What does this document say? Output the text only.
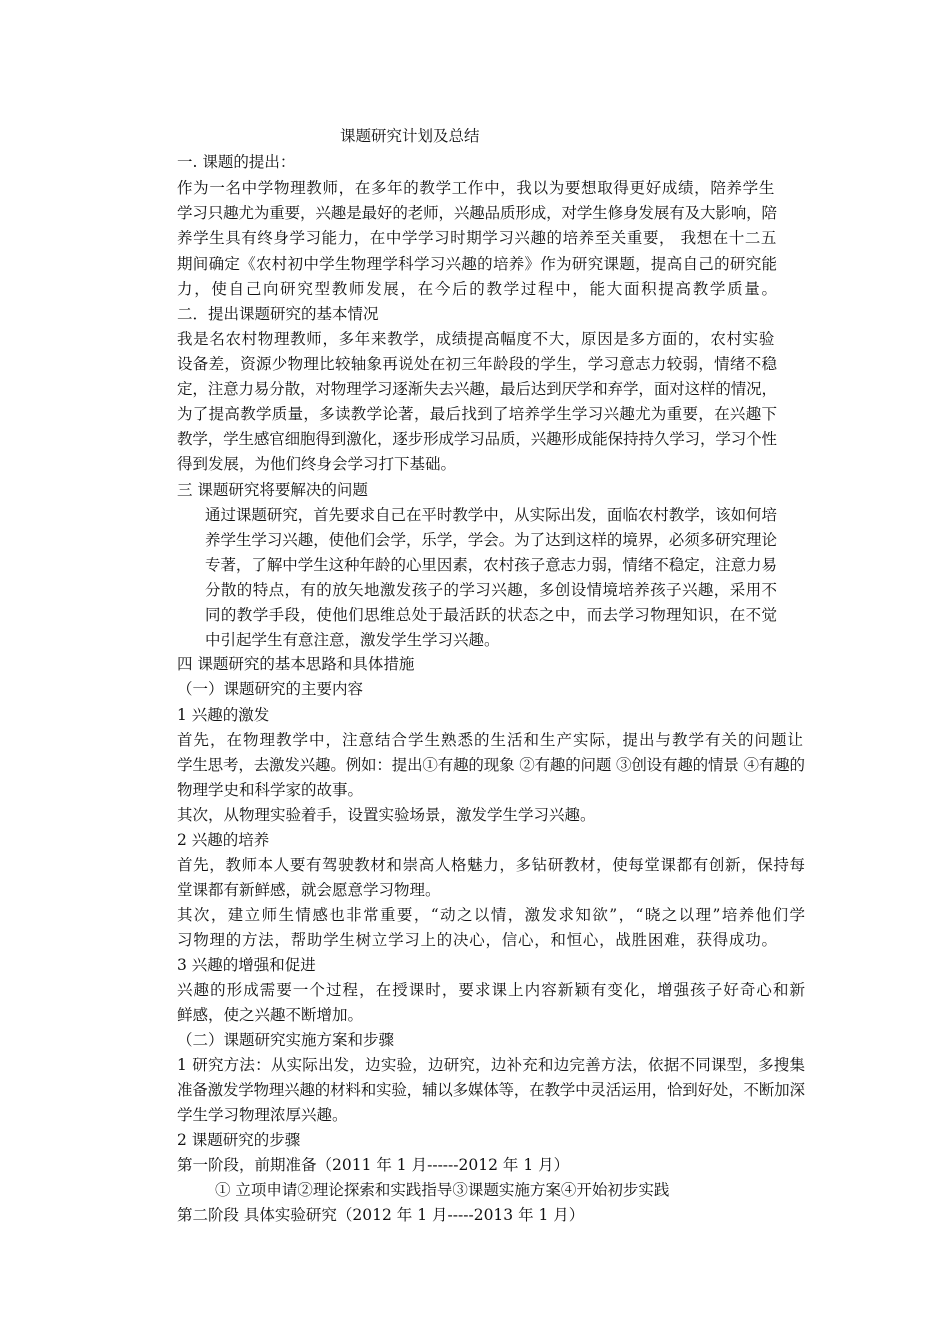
课题研究计划及总结
一. 课题的提出：
作为一名中学物理教师，在多年的教学工作中，我以为要想取得更好成绩，陪养学生
学习只趣尤为重要，兴趣是最好的老师，兴趣品质形成，对学生修身发展有及大影响，陪
养学生具有终身学习能力，在中学学习时期学习兴趣的培养至关重要， 我想在十二五
期间确定《农村初中学生物理学科学习兴趣的培养》作为研究课题，提高自己的研究能
力，使自己向研究型教师发展，在今后的教学过程中，能大面积提高教学质量。
二．提出课题研究的基本情况
我是名农村物理教师，多年来教学，成绩提高幅度不大，原因是多方面的，农村实验
设备差，资源少物理比较轴象再说处在初三年龄段的学生，学习意志力较弱，情绪不稳
定，注意力易分散，对物理学习逐渐失去兴趣，最后达到厌学和弃学，面对这样的情况，
为了提高教学质量，多读教学论著，最后找到了培养学生学习兴趣尤为重要，在兴趣下
教学，学生感官细胞得到激化，逐步形成学习品质，兴趣形成能保持持久学习，学习个性
得到发展，为他们终身会学习打下基础。
三 课题研究将要解决的问题
通过课题研究，首先要求自己在平时教学中，从实际出发，面临农村教学，该如何培
养学生学习兴趣，使他们会学，乐学，学会。为了达到这样的境界，必须多研究理论
专著，了解中学生这种年龄的心里因素，农村孩子意志力弱，情绪不稳定，注意力易
分散的特点，有的放矢地激发孩子的学习兴趣，多创设情境培养孩子兴趣，采用不
同的教学手段，使他们思维总处于最活跃的状态之中，而去学习物理知识，在不觉
中引起学生有意注意，激发学生学习兴趣。
四 课题研究的基本思路和具体措施
（一）课题研究的主要内容
1 兴趣的激发
首先，在物理教学中，注意结合学生熟悉的生活和生产实际，提出与教学有关的问题让
学生思考，去激发兴趣。例如：提出①有趣的现象 ②有趣的问题 ③创设有趣的情景 ④有趣的
物理学史和科学家的故事。
其次，从物理实验着手，设置实验场景，激发学生学习兴趣。
2 兴趣的培养
首先，教师本人要有驾驶教材和崇高人格魅力，多钻研教材，使每堂课都有创新，保持每
堂课都有新鲜感，就会愿意学习物理。
其次，建立师生情感也非常重要，“动之以情，激发求知欲”，“晓之以理”培养他们学
习物理的方法，帮助学生树立学习上的决心，信心，和恒心，战胜困难，获得成功。
3 兴趣的增强和促进
兴趣的形成需要一个过程，在授课时，要求课上内容新颖有变化，增强孩子好奇心和新
鲜感，使之兴趣不断增加。
（二）课题研究实施方案和步骤
1 研究方法：从实际出发，边实验，边研究，边补充和边完善方法，依据不同课型，多搜集
准备激发学物理兴趣的材料和实验，辅以多媒体等，在教学中灵活运用，恰到好处，不断加深
学生学习物理浓厚兴趣。
2 课题研究的步骤
第一阶段，前期准备（2011 年 1 月------2012 年 1 月）
① 立项申请②理论探索和实践指导③课题实施方案④开始初步实践
第二阶段 具体实验研究（2012 年 1 月-----2013 年 1 月）
